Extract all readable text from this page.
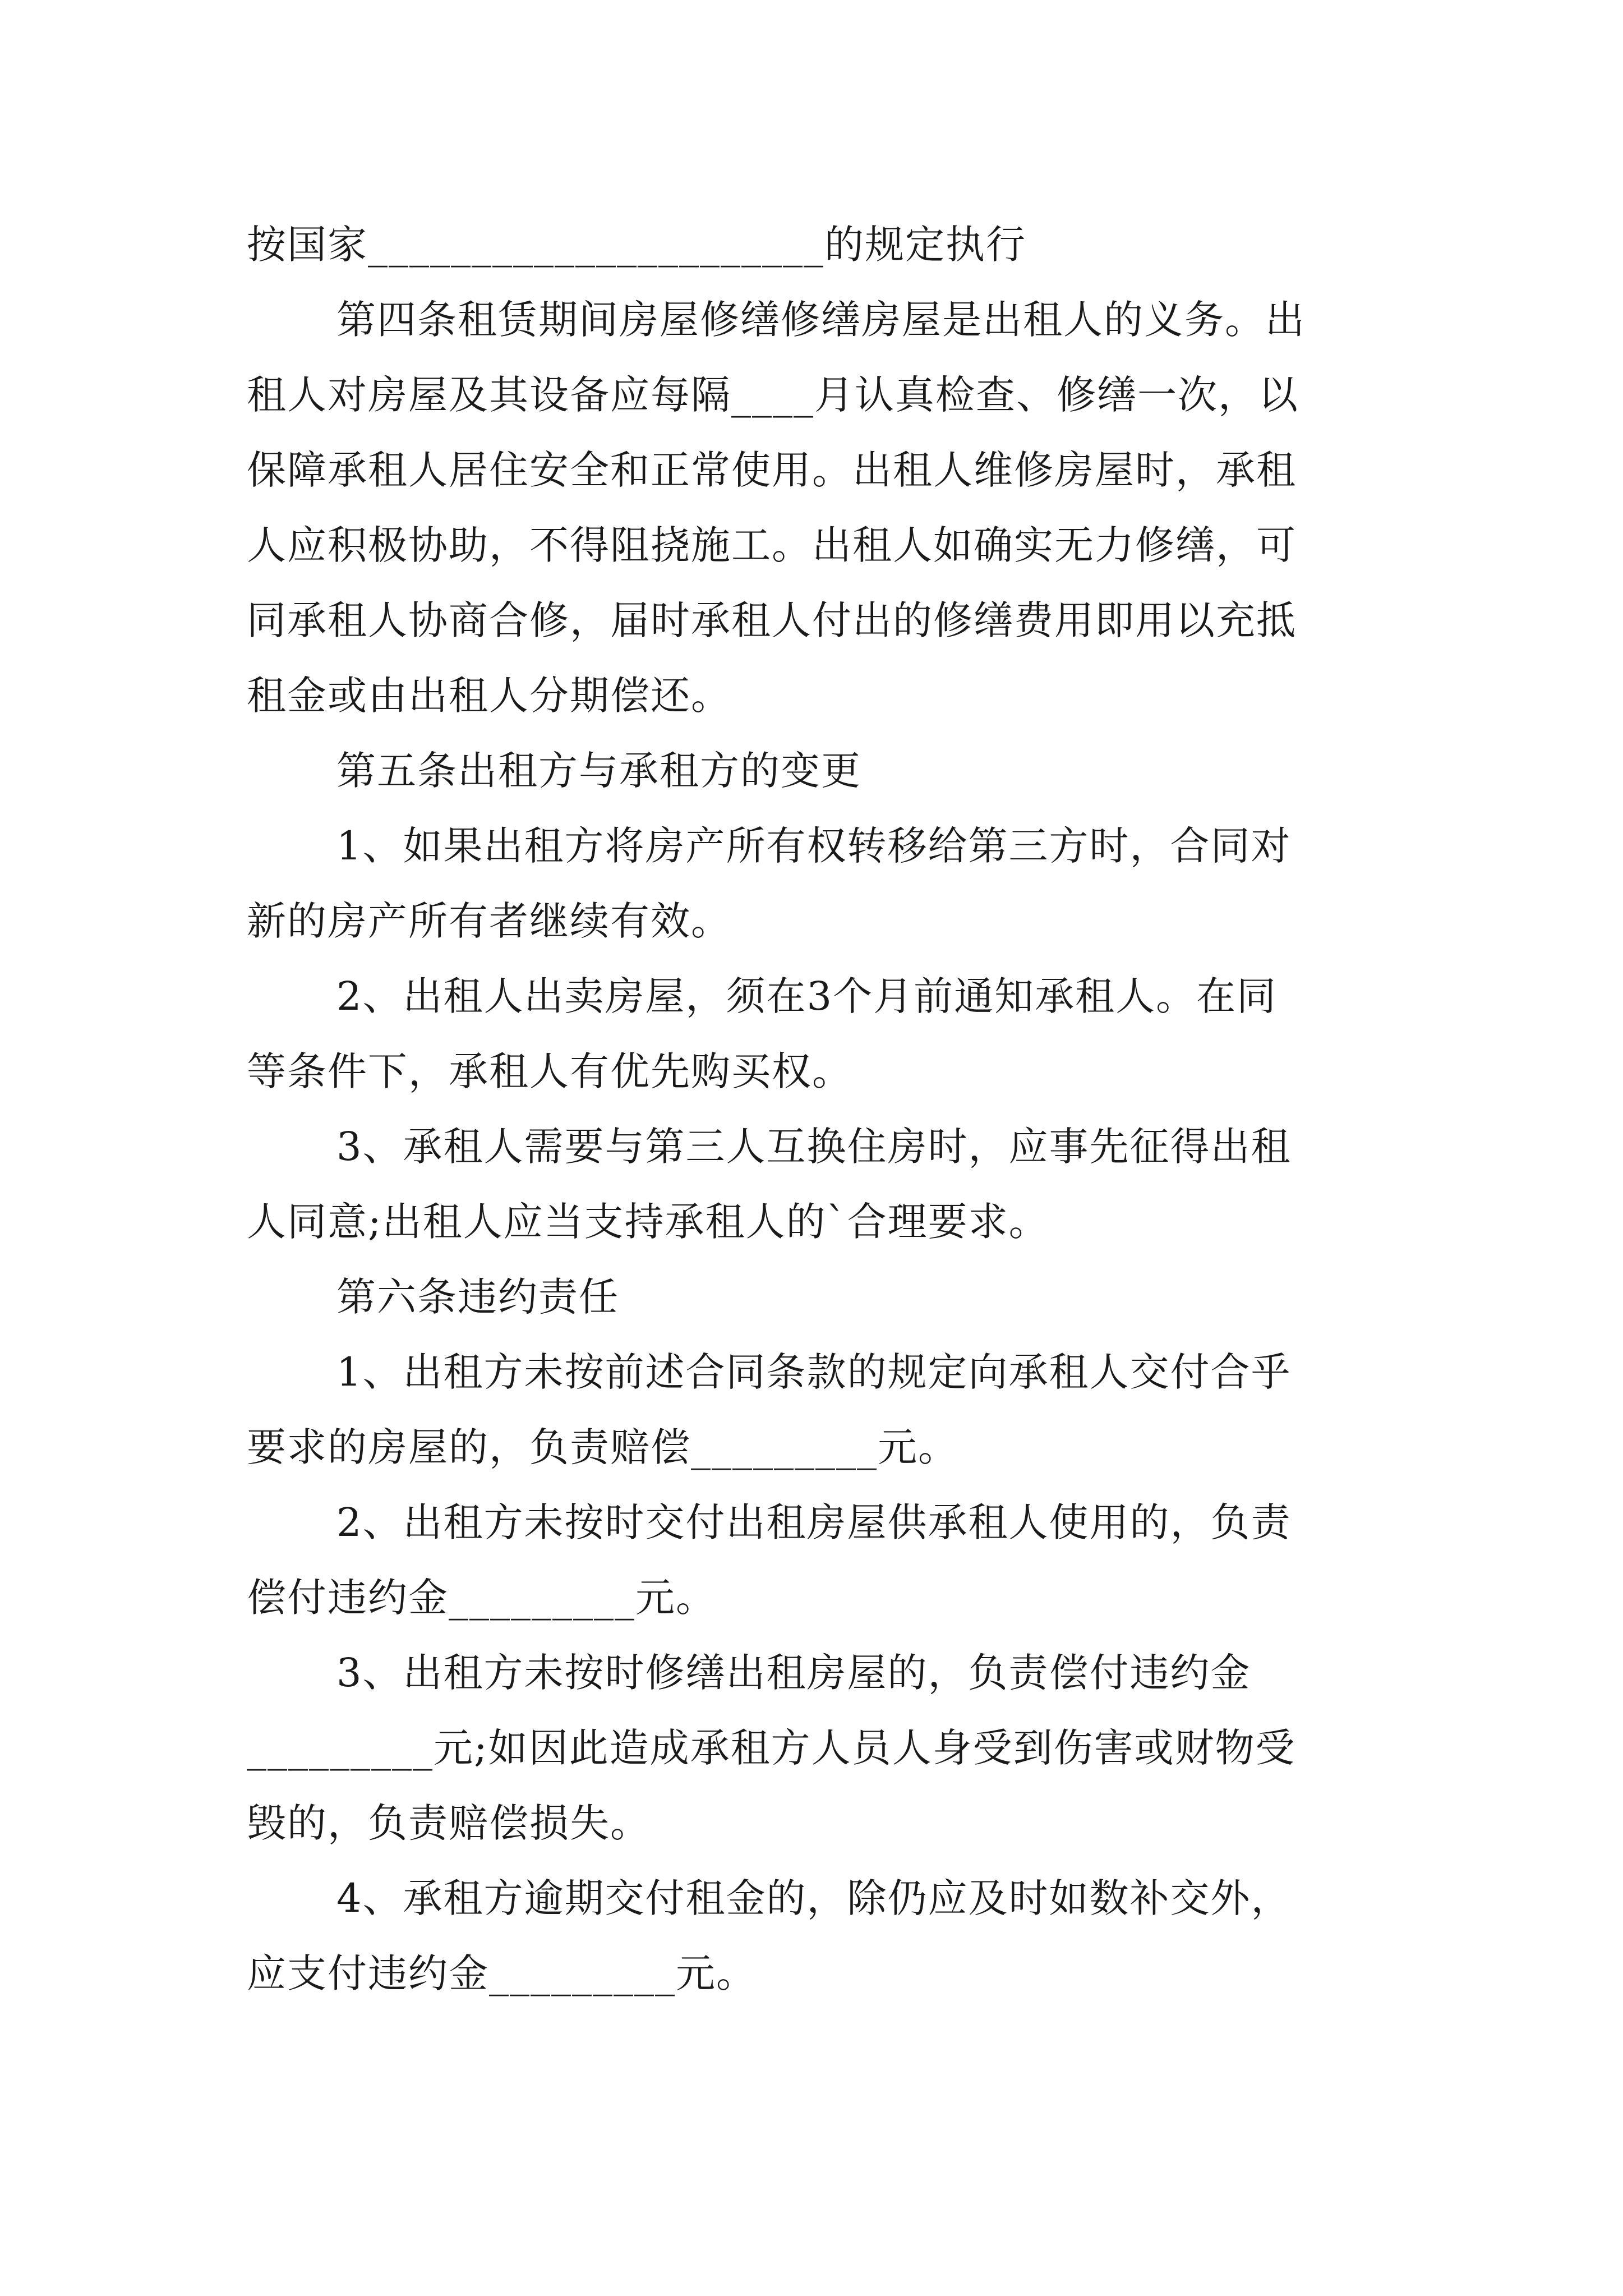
按国家______________________的规定执行
第四条租赁期间房屋修缮修缮房屋是出租人的义务。出
租人对房屋及其设备应每隔____月认真检查、修缮一次，以
保障承租人居住安全和正常使用。出租人维修房屋时，承租
人应积极协助，不得阻挠施工。出租人如确实无力修缮，可
同承租人协商合修，届时承租人付出的修缮费用即用以充抵
租金或由出租人分期偿还。
第五条出租方与承租方的变更
1、如果出租方将房产所有权转移给第三方时，合同对
新的房产所有者继续有效。
2、出租人出卖房屋，须在3个月前通知承租人。在同
等条件下，承租人有优先购买权。
3、承租人需要与第三人互换住房时，应事先征得出租
人同意;出租人应当支持承租人的`合理要求。
第六条违约责任
1、出租方未按前述合同条款的规定向承租人交付合乎
要求的房屋的，负责赔偿_________元。
2、出租方未按时交付出租房屋供承租人使用的，负责
偿付违约金_________元。
3、出租方未按时修缮出租房屋的，负责偿付违约金
_________元;如因此造成承租方人员人身受到伤害或财物受
毁的，负责赔偿损失。
4、承租方逾期交付租金的，除仍应及时如数补交外，
应支付违约金_________元。
